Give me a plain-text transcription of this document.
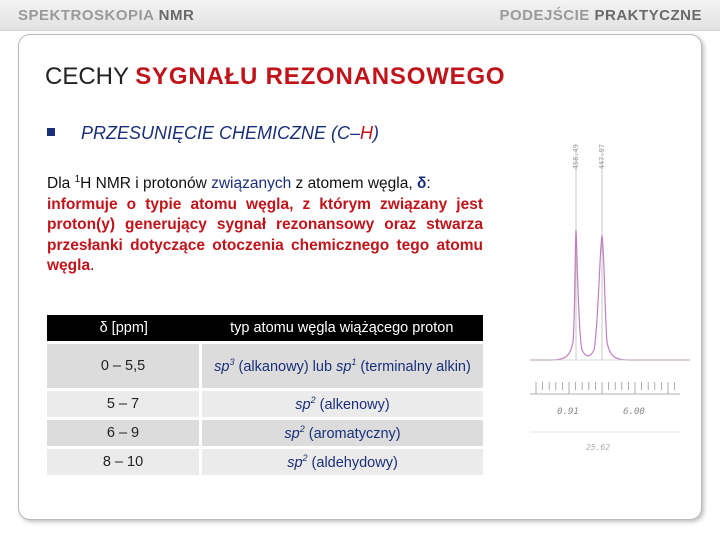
SPEKTROSKOPIA NMR	PODEJŚCIE PRAKTYCZNE
CECHY SYGNAŁU REZONANSOWEGO
PRZESUNIĘCIE CHEMICZNE (C–H)
Dla $^1$H NMR i protonów związanych z atomem węgla, δ:
informuje o typie atomu węgla, z którym związany jest proton(y) generujący sygnał rezonansowy oraz stwarza przesłanki dotyczące otoczenia chemicznego tego atomu węgla.
δ [ppm]	typ atomu węgla wiążącego proton
0 – 5,5	$sp^3$ (alkanowy) lub $sp^1$ (terminalny alkin)
5 – 7	$sp^2$ (alkenowy)
6 – 9	$sp^2$ (aromatyczny)
8 – 10	$sp^2$ (aldehydowy)
458.49	447.97
0.91	6.00
25.62
